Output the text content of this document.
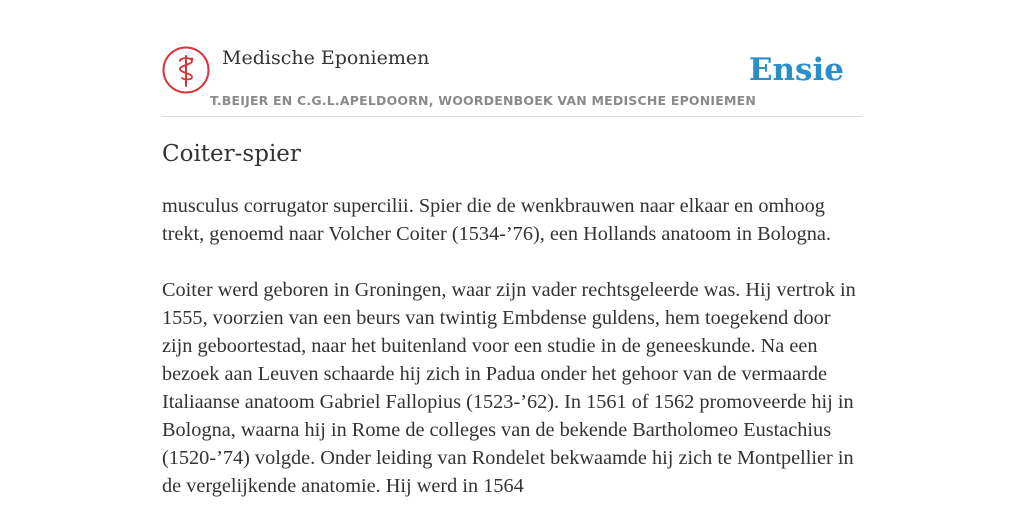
Medische Eponiemen
T.BEIJER EN C.G.L.APELDOORN, WOORDENBOEK VAN MEDISCHE EPONIEMEN
Ensie
Coiter-spier

musculus corrugator supercilii. Spier die de wenkbrauwen naar elkaar en omhoog trekt, genoemd naar Volcher Coiter (1534-’76), een Hollands anatoom in Bologna.

Coiter werd geboren in Groningen, waar zijn vader rechtsgeleerde was. Hij vertrok in 1555, voorzien van een beurs van twintig Embdense guldens, hem toegekend door zijn geboortestad, naar het buitenland voor een studie in de geneeskunde. Na een bezoek aan Leuven schaarde hij zich in Padua onder het gehoor van de vermaarde Italiaanse anatoom Gabriel Fallopius (1523-’62). In 1561 of 1562 promoveerde hij in Bologna, waarna hij in Rome de colleges van de bekende Bartholomeo Eustachius (1520-’74) volgde. Onder leiding van Rondelet bekwaamde hij zich te Montpellier in de vergelijkende anatomie. Hij werd in 1564
